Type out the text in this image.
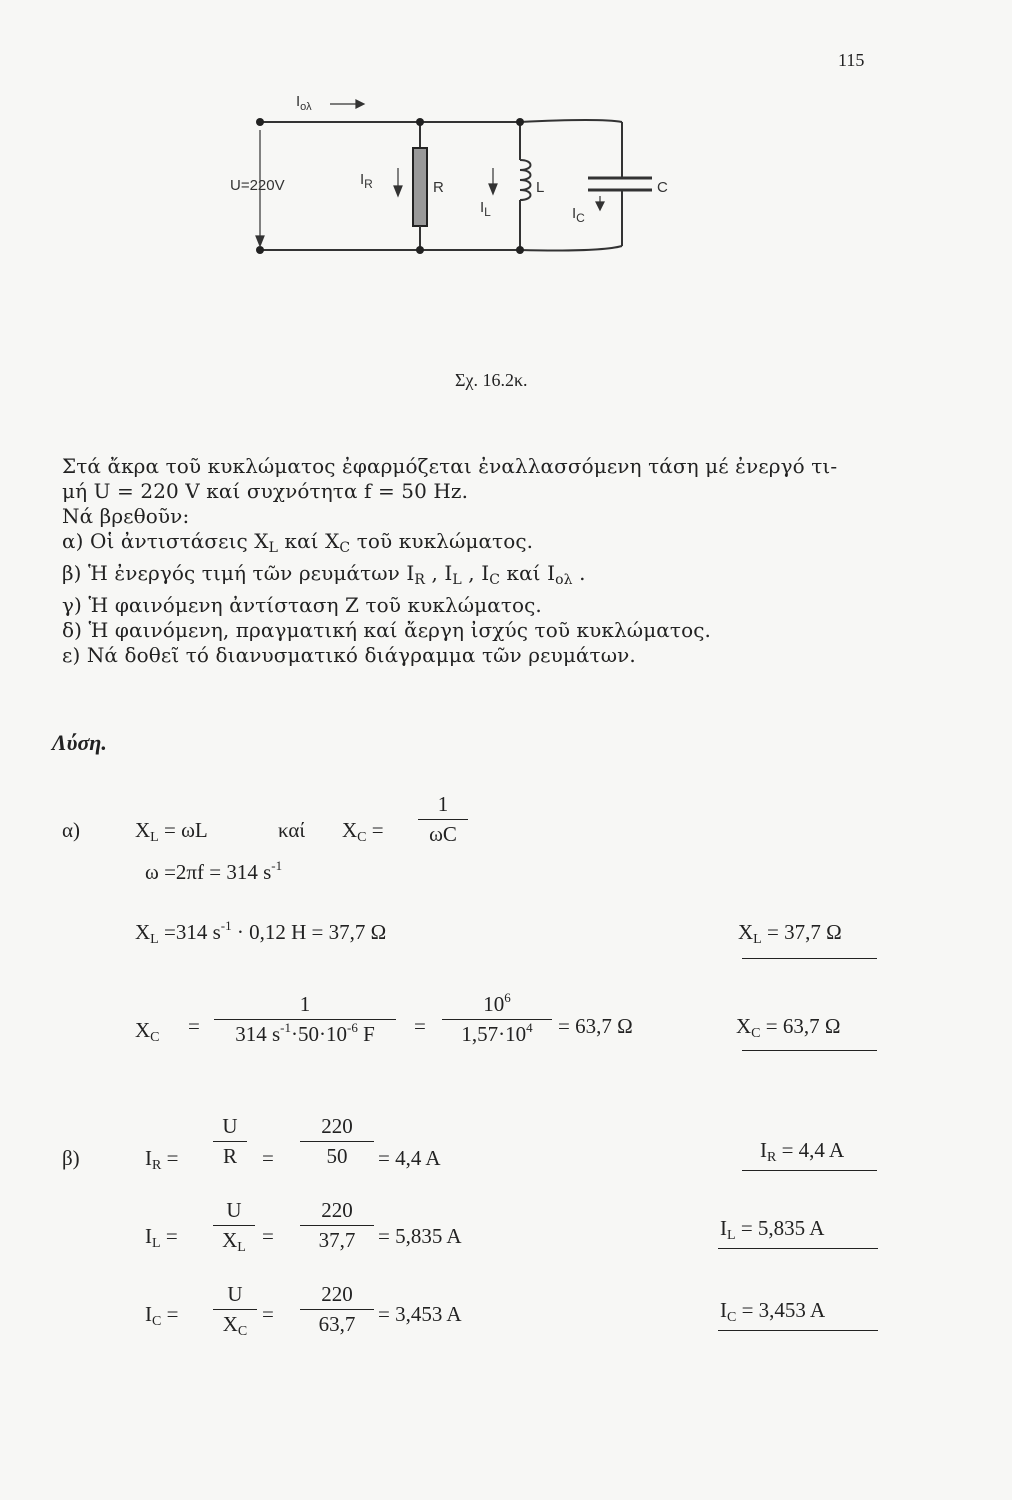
115
$I_{o\lambda}$
U=220V	$I_R$	R
$I_L$
L
$I_C$
C
Σχ. 16.2κ.

Στά ἄκρα τοῦ κυκλώματος ἐφαρμόζεται ἐναλλασσόμενη τάση μέ ἐνεργό τι-

μή U = 220 V καί συχνότητα f = 50 Hz.

Νά βρεθοῦν:

α) Οἱ ἀντιστάσεις $X_L$ καί $X_C$ τοῦ κυκλώματος.

β) Ἡ ἐνεργός τιμή τῶν ρευμάτων $I_R$ , $I_L$ , $I_C$ καί $I_{o\lambda}$ .

γ) Ἡ φαινόμενη ἀντίσταση Z τοῦ κυκλώματος.

δ) Ἡ φαινόμενη, πραγματική καί ἄεργη ἰσχύς τοῦ κυκλώματος.

ε) Νά δοθεῖ τό διανυσματικό διάγραμμα τῶν ρευμάτων.

Λύση.
α)	$X_L = \omega L$	καί $X_C$ =
1
ωC
ω =2πf = 314 $s^{-1}$
$X_L =314$ $s^{-1} \cdot 0,12$ H = 37,7 Ω	$X_L = 37,7$ Ω
$X_C$ =
1
314 $s^{-1}\cdot 50\cdot 10^{-6}$ F =
$10^6$
$1,57\cdot 10^4 = 63,7$ Ω	$X_C = 63,7$ Ω
β)	$I_R$ =
U
R =
220
50 = 4,4 A	$I_R = 4,4$ A
$I_L$ =
U
$X_L$ =
220
37,7 = 5,835 A	$I_L = 5,835$ A
$I_C$ =
U
$X_C$
=
220
63,7 = 3,453 A	$I_C = 3,453$ A
